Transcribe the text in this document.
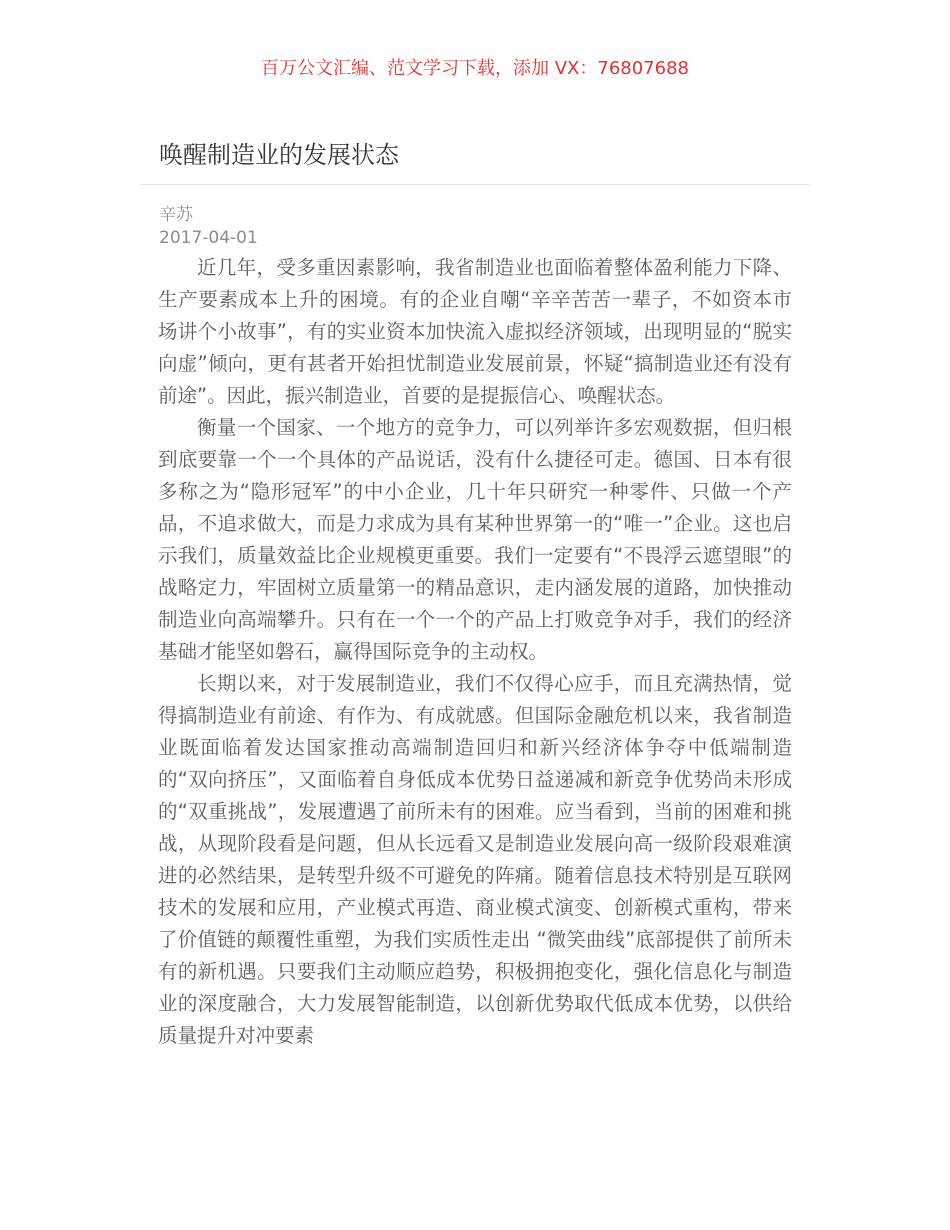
百万公文汇编、范文学习下载，添加 VX：76807688
唤醒制造业的发展状态
辛苏
2017-04-01

近几年，受多重因素影响，我省制造业也面临着整体盈利能力下降、生产要素成本上升的困境。有的企业自嘲“辛辛苦苦一辈子，不如资本市场讲个小故事”，有的实业资本加快流入虚拟经济领域，出现明显的“脱实向虚”倾向，更有甚者开始担忧制造业发展前景，怀疑“搞制造业还有没有前途”。因此，振兴制造业，首要的是提振信心、唤醒状态。

衡量一个国家、一个地方的竞争力，可以列举许多宏观数据，但归根到底要靠一个一个具体的产品说话，没有什么捷径可走。德国、日本有很多称之为“隐形冠军”的中小企业，几十年只研究一种零件、只做一个产品，不追求做大，而是力求成为具有某种世界第一的“唯一”企业。这也启示我们，质量效益比企业规模更重要。我们一定要有“不畏浮云遮望眼”的战略定力，牢固树立质量第一的精品意识，走内涵发展的道路，加快推动制造业向高端攀升。只有在一个一个的产品上打败竞争对手，我们的经济基础才能坚如磐石，赢得国际竞争的主动权。

长期以来，对于发展制造业，我们不仅得心应手，而且充满热情，觉得搞制造业有前途、有作为、有成就感。但国际金融危机以来，我省制造业既面临着发达国家推动高端制造回归和新兴经济体争夺中低端制造的“双向挤压”，又面临着自身低成本优势日益递减和新竞争优势尚未形成的“双重挑战”，发展遭遇了前所未有的困难。应当看到，当前的困难和挑战，从现阶段看是问题，但从长远看又是制造业发展向高一级阶段艰难演进的必然结果，是转型升级不可避免的阵痛。随着信息技术特别是互联网技术的发展和应用，产业模式再造、商业模式演变、创新模式重构，带来了价值链的颠覆性重塑，为我们实质性走出 “微笑曲线”底部提供了前所未有的新机遇。只要我们主动顺应趋势，积极拥抱变化，强化信息化与制造业的深度融合，大力发展智能制造，以创新优势取代低成本优势，以供给质量提升对冲要素
